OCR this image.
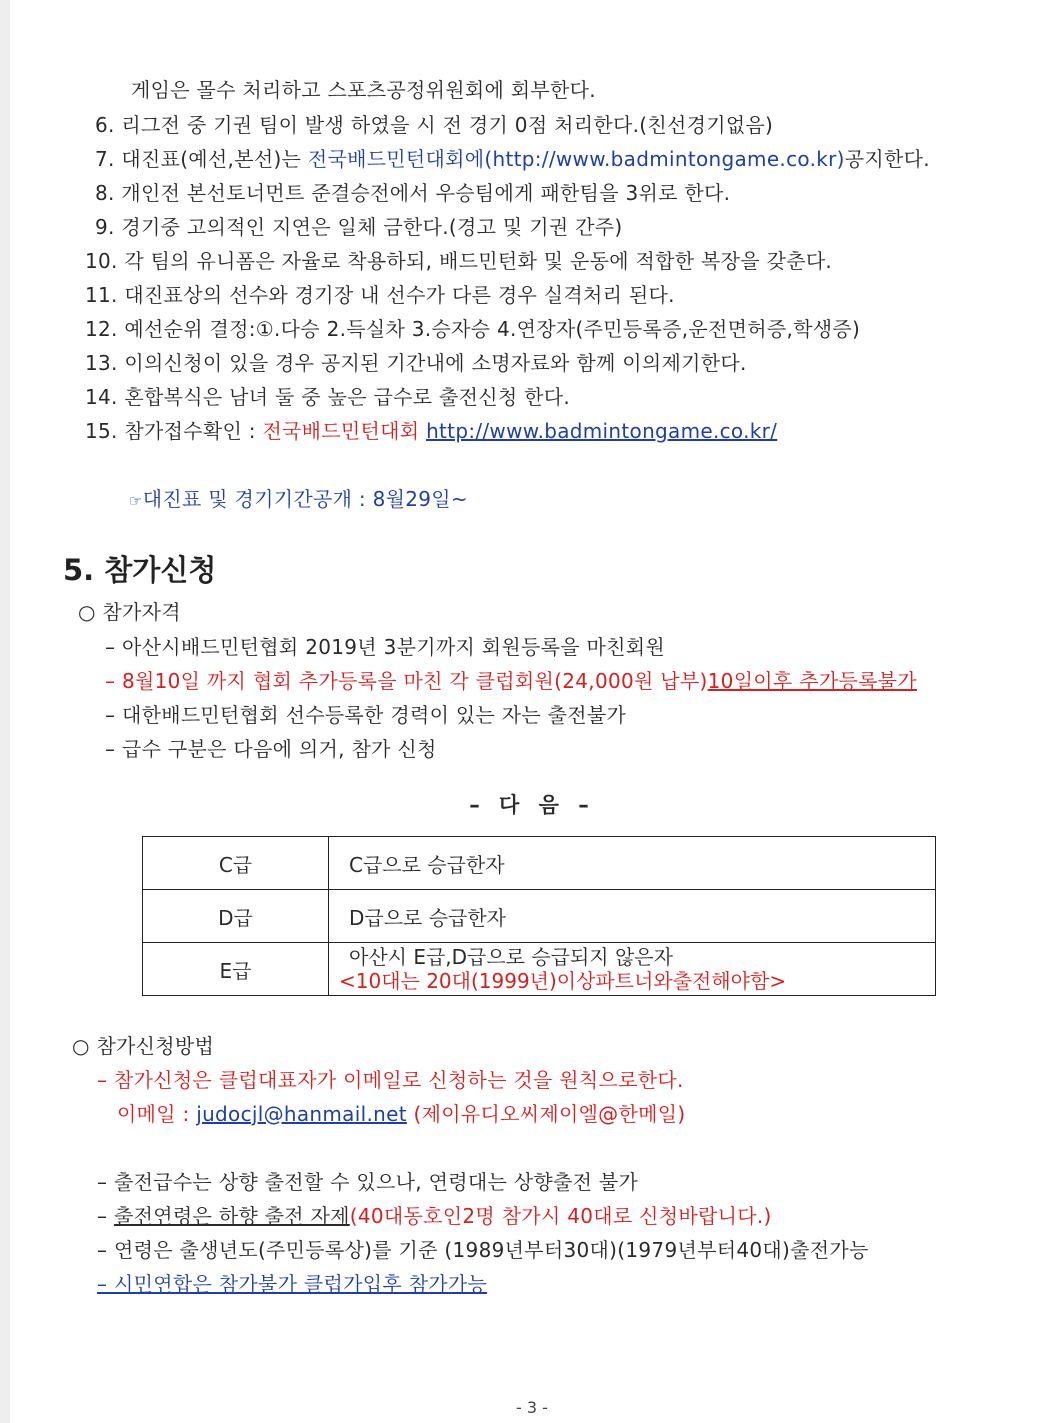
게임은 몰수 처리하고 스포츠공정위원회에 회부한다.
6. 리그전 중 기권 팀이 발생 하였을 시 전 경기 0점 처리한다.(친선경기없음)
7. 대진표(예선,본선)는 전국배드민턴대회에(http://www.badmintongame.co.kr)공지한다.
8. 개인전 본선토너먼트 준결승전에서 우승팀에게 패한팀을 3위로 한다.
9. 경기중 고의적인 지연은 일체 금한다.(경고 및 기권 간주)
10. 각 팀의 유니폼은 자율로 착용하되, 배드민턴화 및 운동에 적합한 복장을 갖춘다.
11. 대진표상의 선수와 경기장 내 선수가 다른 경우 실격처리 된다.
12. 예선순위 결정:①.다승 2.득실차 3.승자승 4.연장자(주민등록증,운전면허증,학생증)
13. 이의신청이 있을 경우 공지된 기간내에 소명자료와 함께 이의제기한다.
14. 혼합복식은 남녀 둘 중 높은 급수로 출전신청 한다.
15. 참가접수확인 : 전국배드민턴대회 http://www.badmintongame.co.kr/
☞대진표 및 경기기간공개 : 8월29일~
5. 참가신청
○ 참가자격
– 아산시배드민턴협회 2019년 3분기까지 회원등록을 마친회원
– 8월10일 까지 협회 추가등록을 마친 각 클럽회원(24,000원 납부)10일이후 추가등록불가
– 대한배드민턴협회 선수등록한 경력이 있는 자는 출전불가
– 급수 구분은 다음에 의거, 참가 신청
– 다 음 –
C급	C급으로 승급한자
D급	D급으로 승급한자
E급	아산시 E급,D급으로 승급되지 않은자
<10대는 20대(1999년)이상파트너와출전해야함>
○ 참가신청방법
– 참가신청은 클럽대표자가 이메일로 신청하는 것을 원칙으로한다.
이메일 : judocjl@hanmail.net (제이유디오씨제이엘@한메일)
– 출전급수는 상향 출전할 수 있으나, 연령대는 상향출전 불가
– 출전연령은 하향 출전 자제(40대동호인2명 참가시 40대로 신청바랍니다.)
– 연령은 출생년도(주민등록상)를 기준 (1989년부터30대)(1979년부터40대)출전가능
– 시민연합은 참가불가 클럽가입후 참가가능
- 3 -
